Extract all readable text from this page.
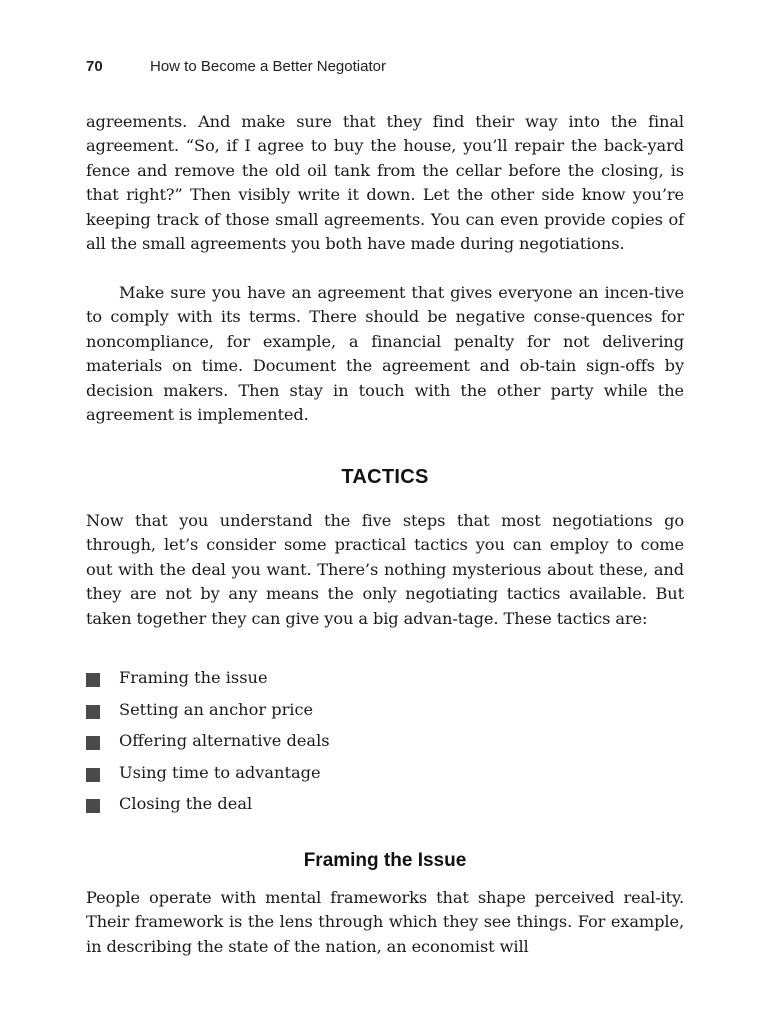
70	How to Become a Better Negotiator

agreements. And make sure that they find their way into the final agreement. “So, if I agree to buy the house, you’ll repair the back-yard fence and remove the old oil tank from the cellar before the closing, is that right?” Then visibly write it down. Let the other side know you’re keeping track of those small agreements. You can even provide copies of all the small agreements you both have made during negotiations.

Make sure you have an agreement that gives everyone an incen-tive to comply with its terms. There should be negative conse-quences for noncompliance, for example, a financial penalty for not delivering materials on time. Document the agreement and ob-tain sign-offs by decision makers. Then stay in touch with the other party while the agreement is implemented.

TACTICS

Now that you understand the five steps that most negotiations go through, let’s consider some practical tactics you can employ to come out with the deal you want. There’s nothing mysterious about these, and they are not by any means the only negotiating tactics available. But taken together they can give you a big advan-tage. These tactics are:

Framing the issue
Setting an anchor price
Offering alternative deals
Using time to advantage
Closing the deal
Framing the Issue

People operate with mental frameworks that shape perceived real-ity. Their framework is the lens through which they see things. For example, in describing the state of the nation, an economist will
